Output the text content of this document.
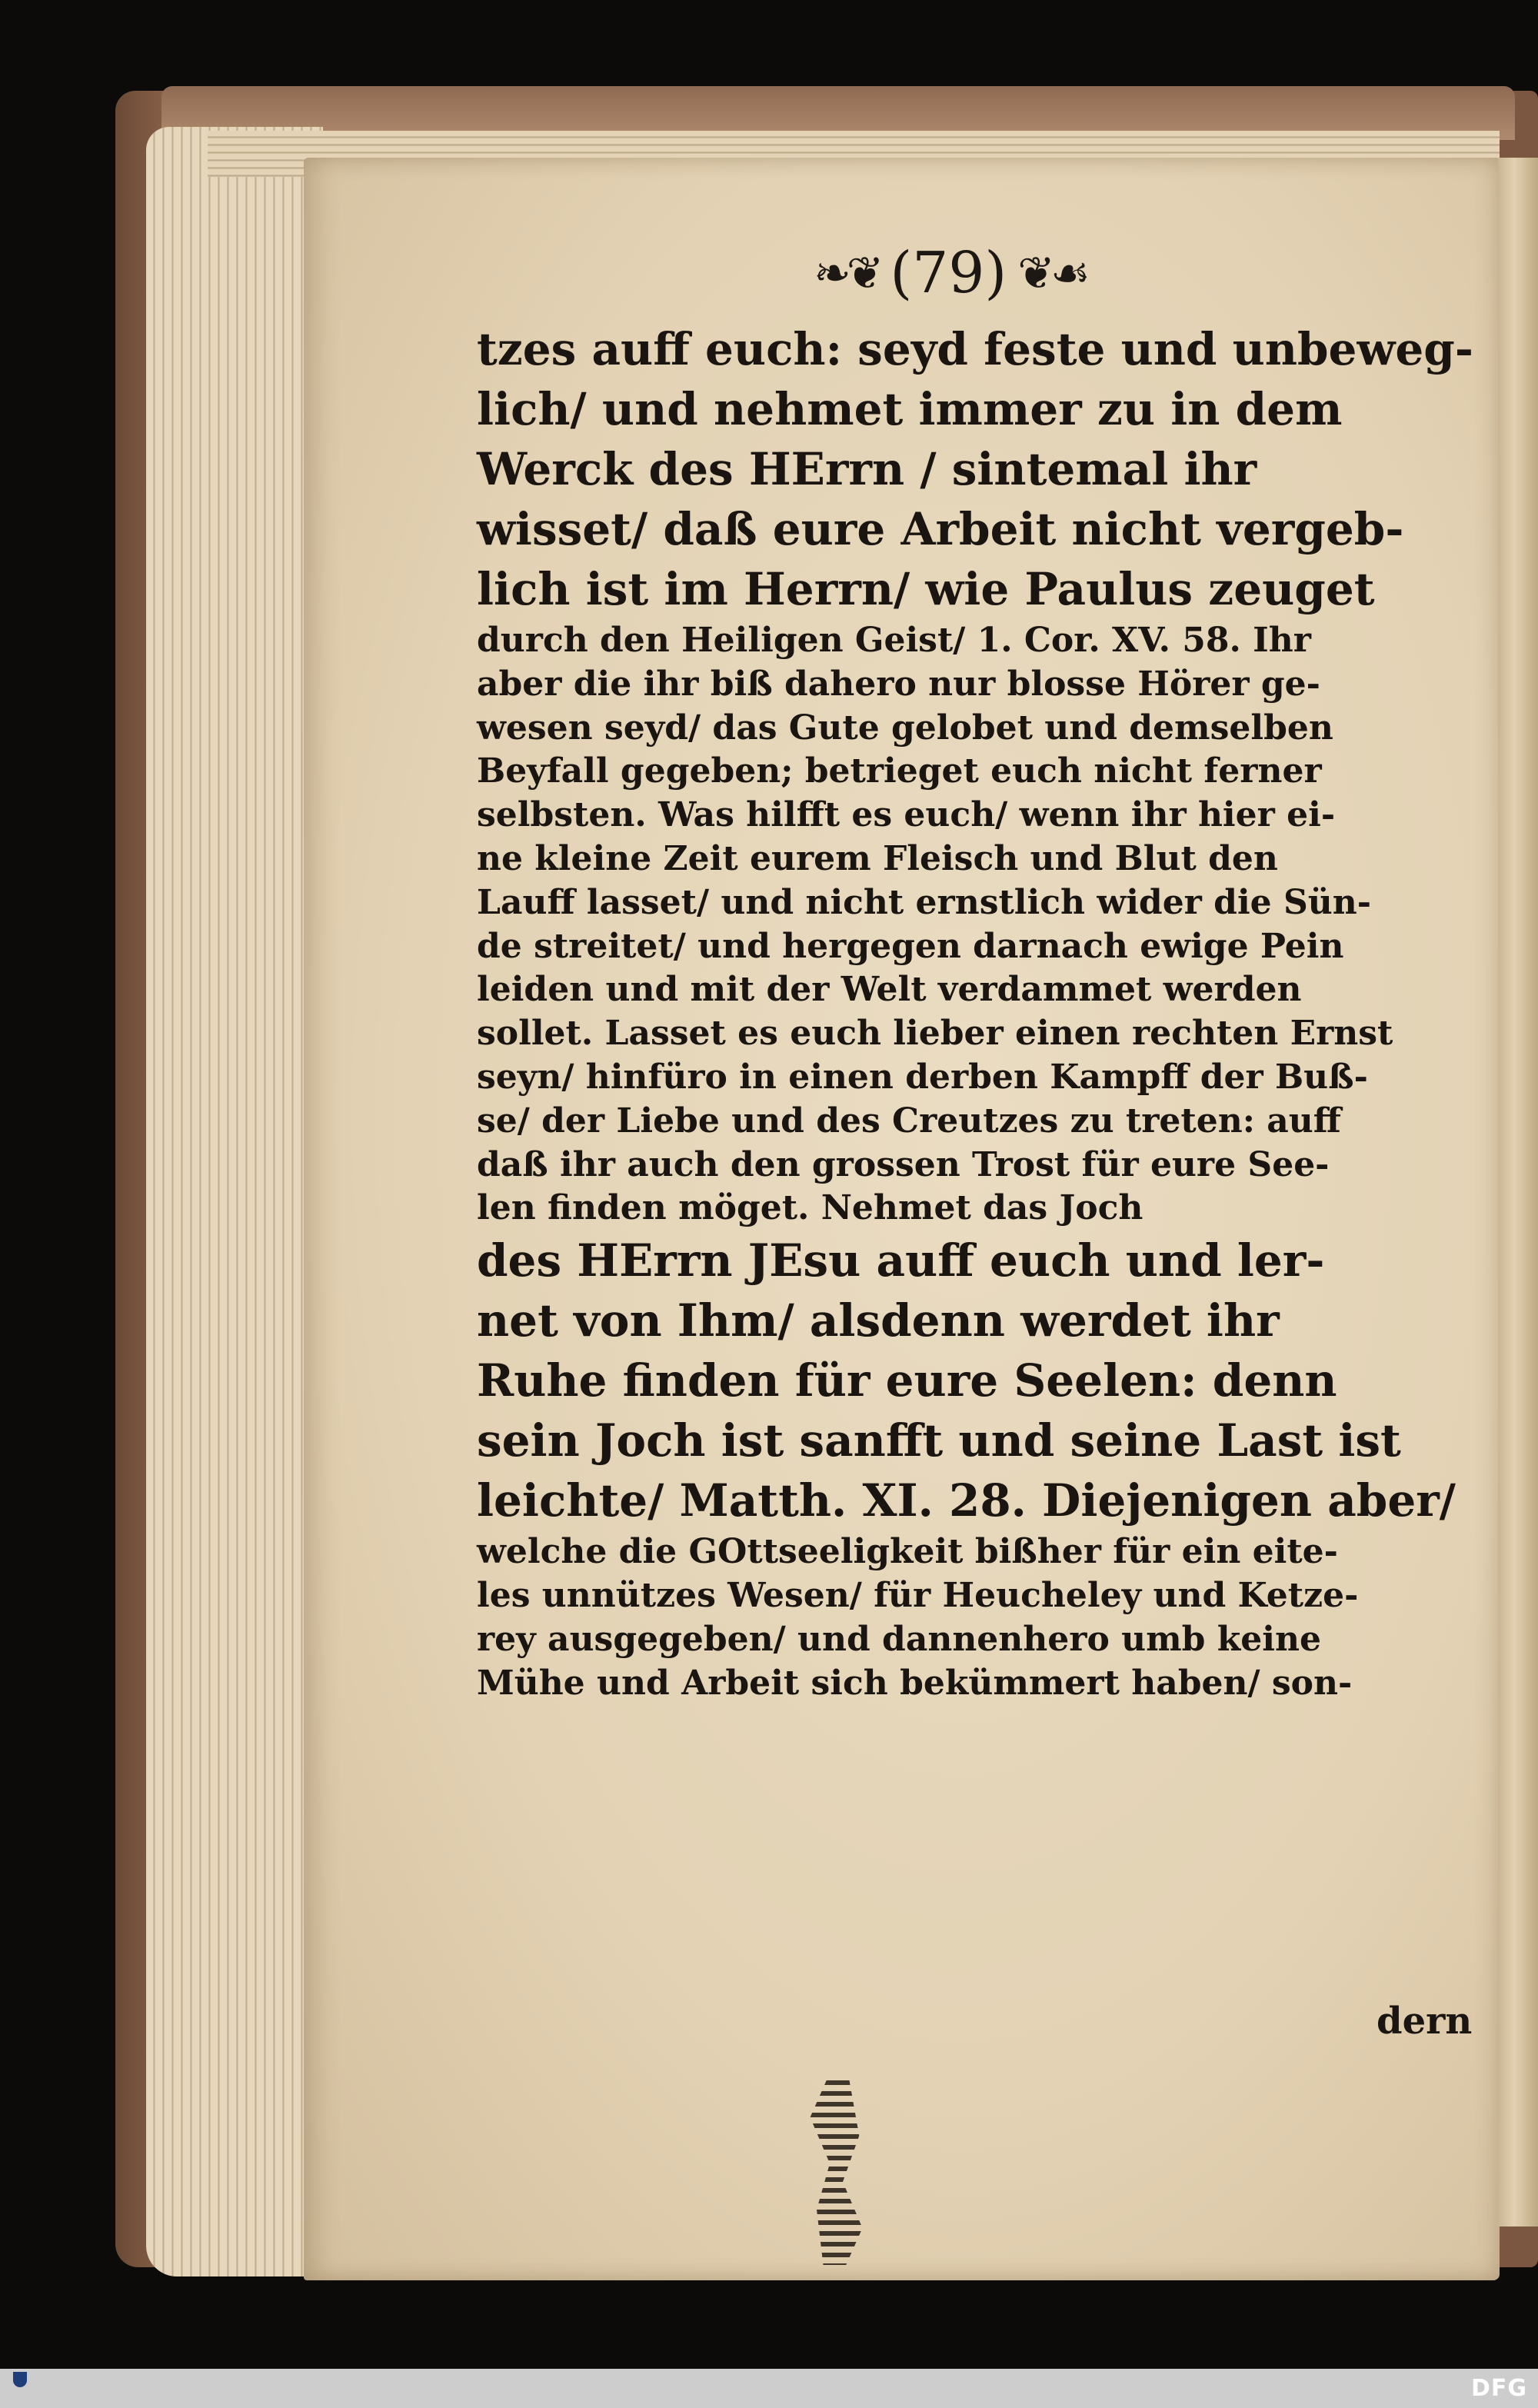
❧❦ (79) ❦☙
tzes auff euch: seyd feste und unbeweg-
lich/ und nehmet immer zu in dem
Werck des HErrn / sintemal ihr
wisset/ daß eure Arbeit nicht vergeb-
lich ist im Herrn/ wie Paulus zeuget
durch den Heiligen Geist/ 1. Cor. XV. 58. Ihr
aber die ihr biß dahero nur blosse Hörer ge-
wesen seyd/ das Gute gelobet und demselben
Beyfall gegeben; betrieget euch nicht ferner
selbsten. Was hilfft es euch/ wenn ihr hier ei-
ne kleine Zeit eurem Fleisch und Blut den
Lauff lasset/ und nicht ernstlich wider die Sün-
de streitet/ und hergegen darnach ewige Pein
leiden und mit der Welt verdammet werden
sollet. Lasset es euch lieber einen rechten Ernst
seyn/ hinfüro in einen derben Kampff der Buß-
se/ der Liebe und des Creutzes zu treten: auff
daß ihr auch den grossen Trost für eure See-
len finden möget. Nehmet das Joch
des HErrn JEsu auff euch und ler-
net von Ihm/ alsdenn werdet ihr
Ruhe finden für eure Seelen: denn
sein Joch ist sanfft und seine Last ist
leichte/ Matth. XI. 28. Diejenigen aber/
welche die GOttseeligkeit bißher für ein eite-
les unnützes Wesen/ für Heucheley und Ketze-
rey ausgegeben/ und dannenhero umb keine
Mühe und Arbeit sich bekümmert haben/ son-
dern
DFG
